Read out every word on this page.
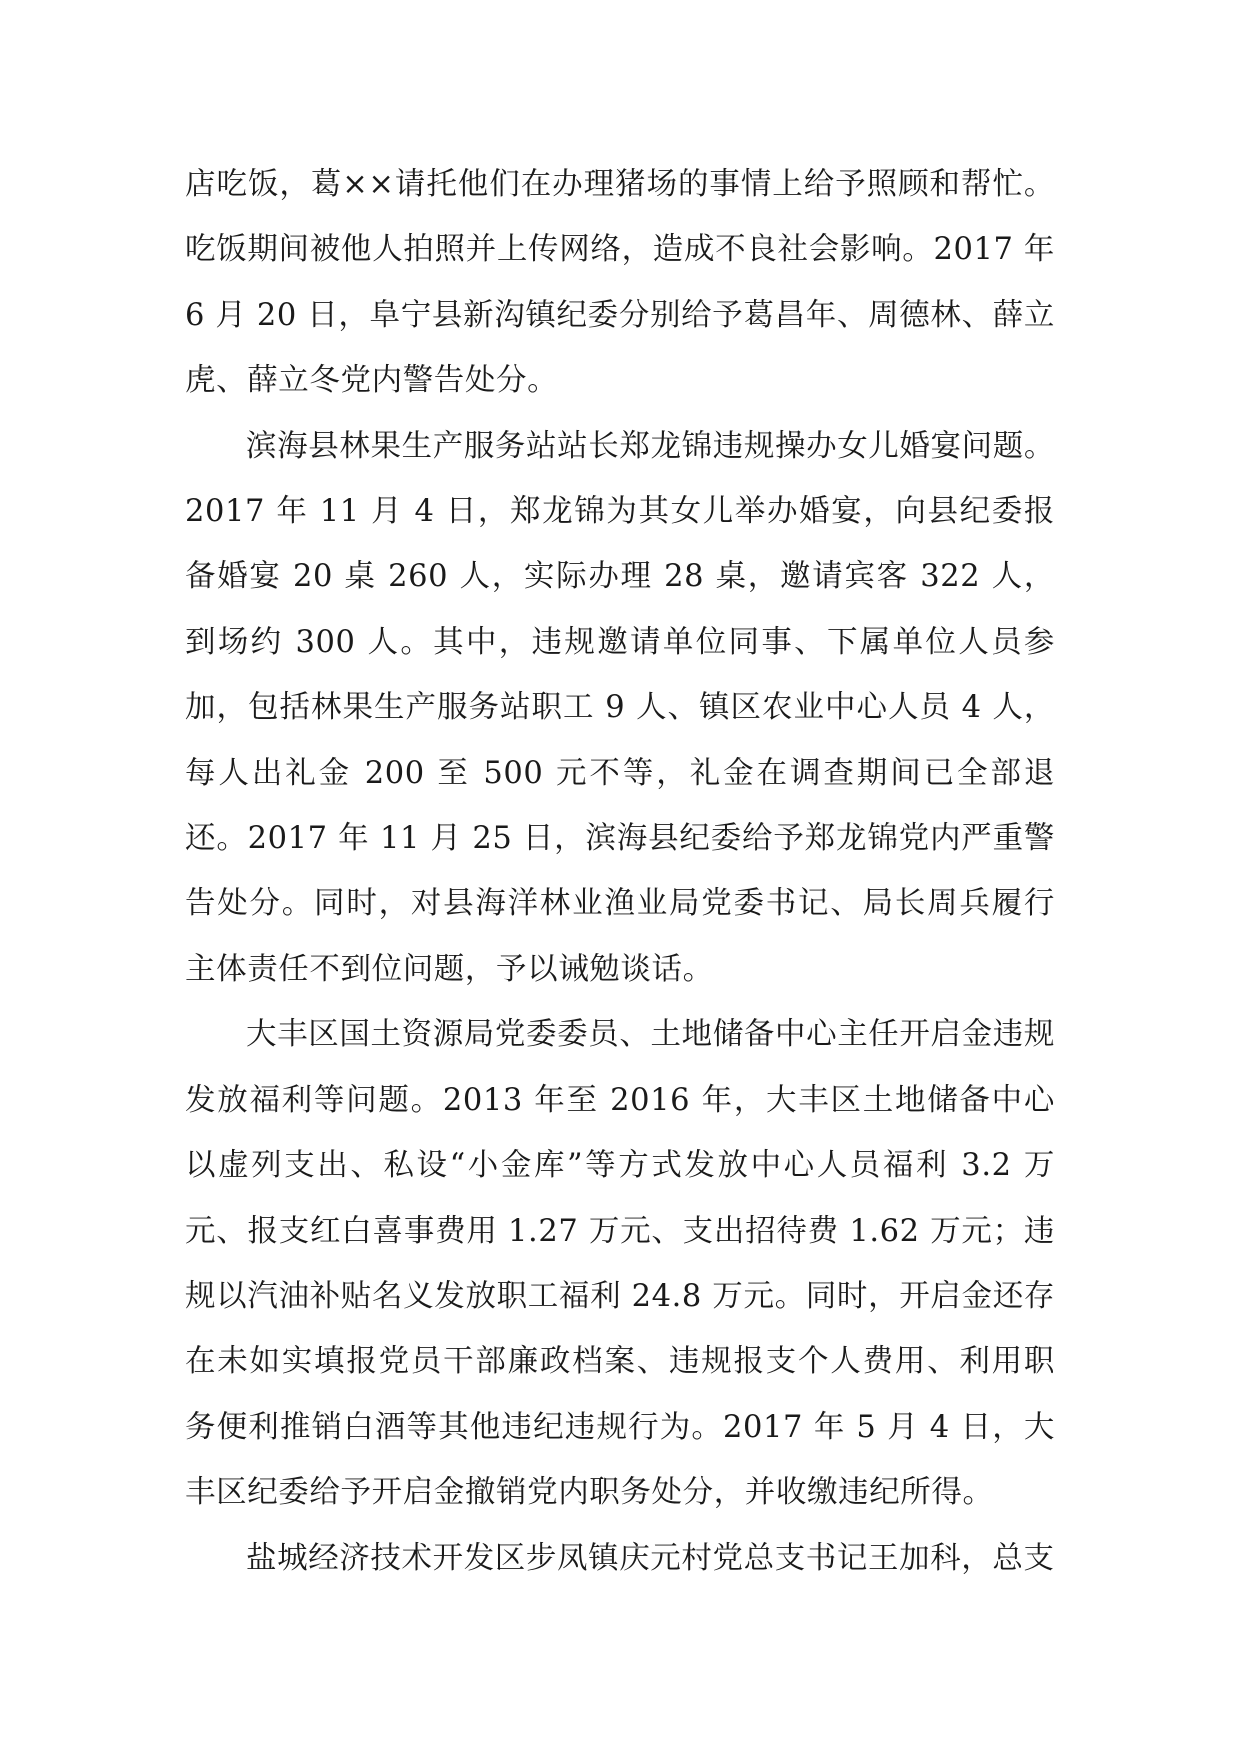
店吃饭，葛××请托他们在办理猪场的事情上给予照顾和帮忙。吃饭期间被他人拍照并上传网络，造成不良社会影响。2017 年 6 月 20 日，阜宁县新沟镇纪委分别给予葛昌年、周德林、薛立虎、薛立冬党内警告处分。

滨海县林果生产服务站站长郑龙锦违规操办女儿婚宴问题。2017 年 11 月 4 日，郑龙锦为其女儿举办婚宴，向县纪委报备婚宴 20 桌 260 人，实际办理 28 桌，邀请宾客 322 人，到场约 300 人。其中，违规邀请单位同事、下属单位人员参加，包括林果生产服务站职工 9 人、镇区农业中心人员 4 人，每人出礼金 200 至 500 元不等，礼金在调查期间已全部退还。2017 年 11 月 25 日，滨海县纪委给予郑龙锦党内严重警告处分。同时，对县海洋林业渔业局党委书记、局长周兵履行主体责任不到位问题，予以诫勉谈话。

大丰区国土资源局党委委员、土地储备中心主任开启金违规发放福利等问题。2013 年至 2016 年，大丰区土地储备中心以虚列支出、私设“小金库”等方式发放中心人员福利 3.2 万元、报支红白喜事费用 1.27 万元、支出招待费 1.62 万元；违规以汽油补贴名义发放职工福利 24.8 万元。同时，开启金还存在未如实填报党员干部廉政档案、违规报支个人费用、利用职务便利推销白酒等其他违纪违规行为。2017 年 5 月 4 日，大丰区纪委给予开启金撤销党内职务处分，并收缴违纪所得。

盐城经济技术开发区步凤镇庆元村党总支书记王加科，总支
